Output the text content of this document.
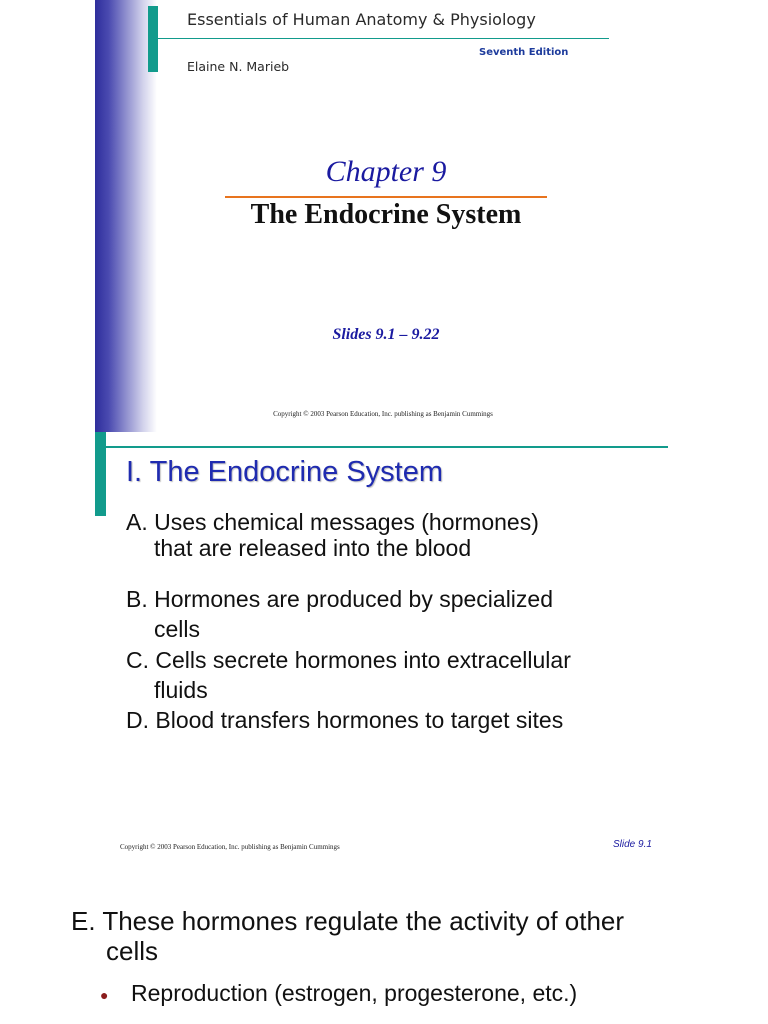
Essentials of Human Anatomy & Physiology
Seventh Edition
Elaine N. Marieb
Chapter 9
The Endocrine System
Slides 9.1 – 9.22
Copyright © 2003 Pearson Education, Inc. publishing as Benjamin Cummings
I. The Endocrine System
A. Uses chemical messages (hormones)
that are released into the blood
B. Hormones are produced by specialized
cells
C. Cells secrete hormones into extracellular
fluids
D. Blood transfers hormones to target sites
Copyright © 2003 Pearson Education, Inc. publishing as Benjamin Cummings	Slide 9.1
E. These hormones regulate the activity of other
cells
● Reproduction (estrogen, progesterone, etc.)
